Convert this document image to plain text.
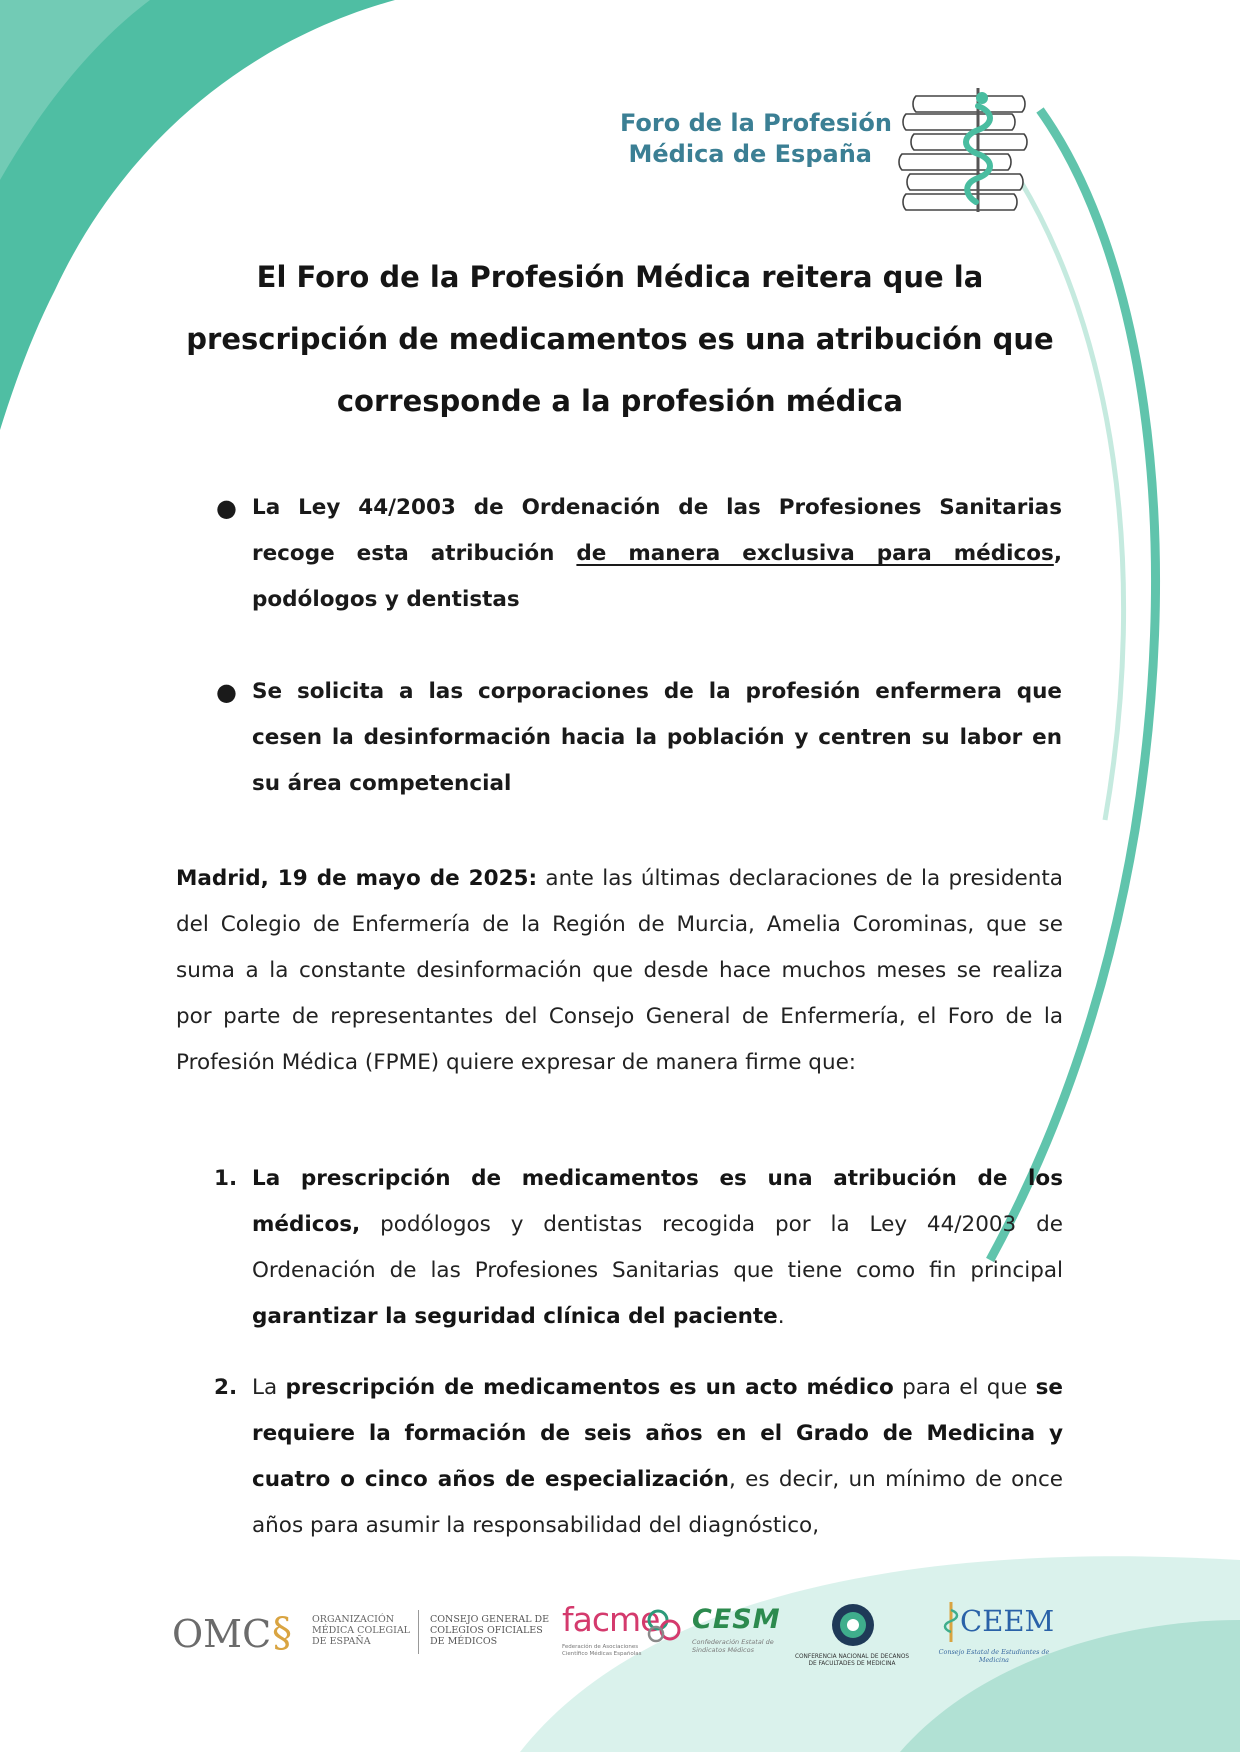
Foro de la Profesión
Médica de España
El Foro de la Profesión Médica reitera que la
prescripción de medicamentos es una atribución que
corresponde a la profesión médica
● La Ley 44/2003 de Ordenación de las Profesiones Sanitarias recoge esta atribución de manera exclusiva para médicos, podólogos y dentistas

● Se solicita a las corporaciones de la profesión enfermera que cesen la desinformación hacia la población y centren su labor en su área competencial

Madrid, 19 de mayo de 2025: ante las últimas declaraciones de la presidenta del Colegio de Enfermería de la Región de Murcia, Amelia Corominas, que se suma a la constante desinformación que desde hace muchos meses se realiza por parte de representantes del Consejo General de Enfermería, el Foro de la Profesión Médica (FPME) quiere expresar de manera firme que:

1. La prescripción de medicamentos es una atribución de los médicos, podólogos y dentistas recogida por la Ley 44/2003 de Ordenación de las Profesiones Sanitarias que tiene como fin principal garantizar la seguridad clínica del paciente.

2. La prescripción de medicamentos es un acto médico para el que se requiere la formación de seis años en el Grado de Medicina y cuatro o cinco años de especialización, es decir, un mínimo de once años para asumir la responsabilidad del diagnóstico,

OMC § ORGANIZACIÓN MÉDICA COLEGIAL DE ESPAÑA
CONSEJO GENERAL DE COLEGIOS OFICIALES DE MÉDICOS
facme
Federación de Asociaciones Científico Médicas Españolas
CESM
Confederación Estatal de Sindicatos Médicos
CONFERENCIA NACIONAL DE DECANOS DE FACULTADES DE MEDICINA
CEEM
Consejo Estatal de Estudiantes de Medicina
